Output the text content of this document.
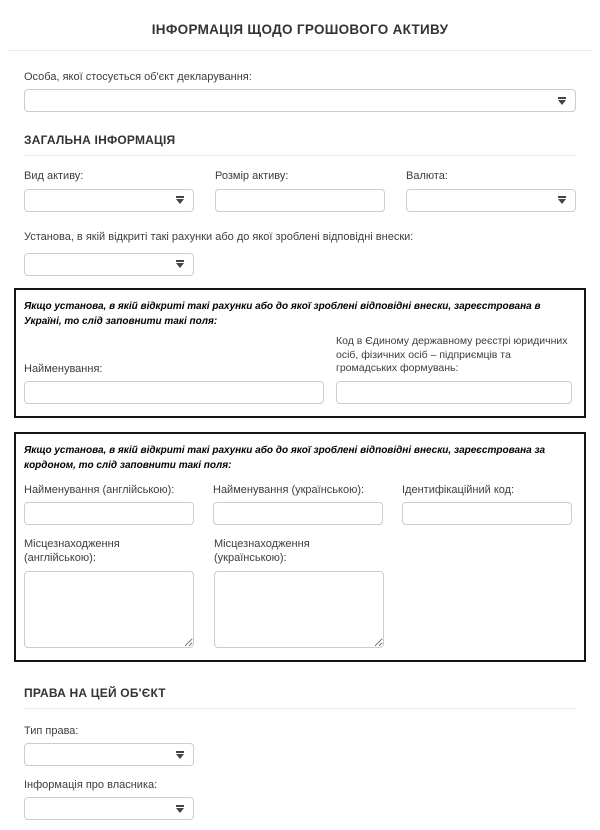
ІНФОРМАЦІЯ ЩОДО ГРОШОВОГО АКТИВУ
Особа, якої стосується об'єкт декларування:
ЗАГАЛЬНА ІНФОРМАЦІЯ
Вид активу:	Розмір активу:	Валюта:
Установа, в якій відкриті такі рахунки або до якої зроблені відповідні внески:

Якщо установа, в якій відкриті такі рахунки або до якої зроблені відповідні внески, зареєстрована в Україні, то слід заповнити такі поля:

Найменування:
Код в Єдиному державному реєстрі юридичних осіб, фізичних осіб – підприємців та громадських формувань:

Якщо установа, в якій відкриті такі рахунки або до якої зроблені відповідні внески, зареєстрована за кордоном, то слід заповнити такі поля:

Найменування (англійською):	Найменування (українською):	Ідентифікаційний код:
Місцезнаходження (англійською):
Місцезнаходження (українською):
ПРАВА НА ЦЕЙ ОБ'ЄКТ
Тип права:
Інформація про власника:
